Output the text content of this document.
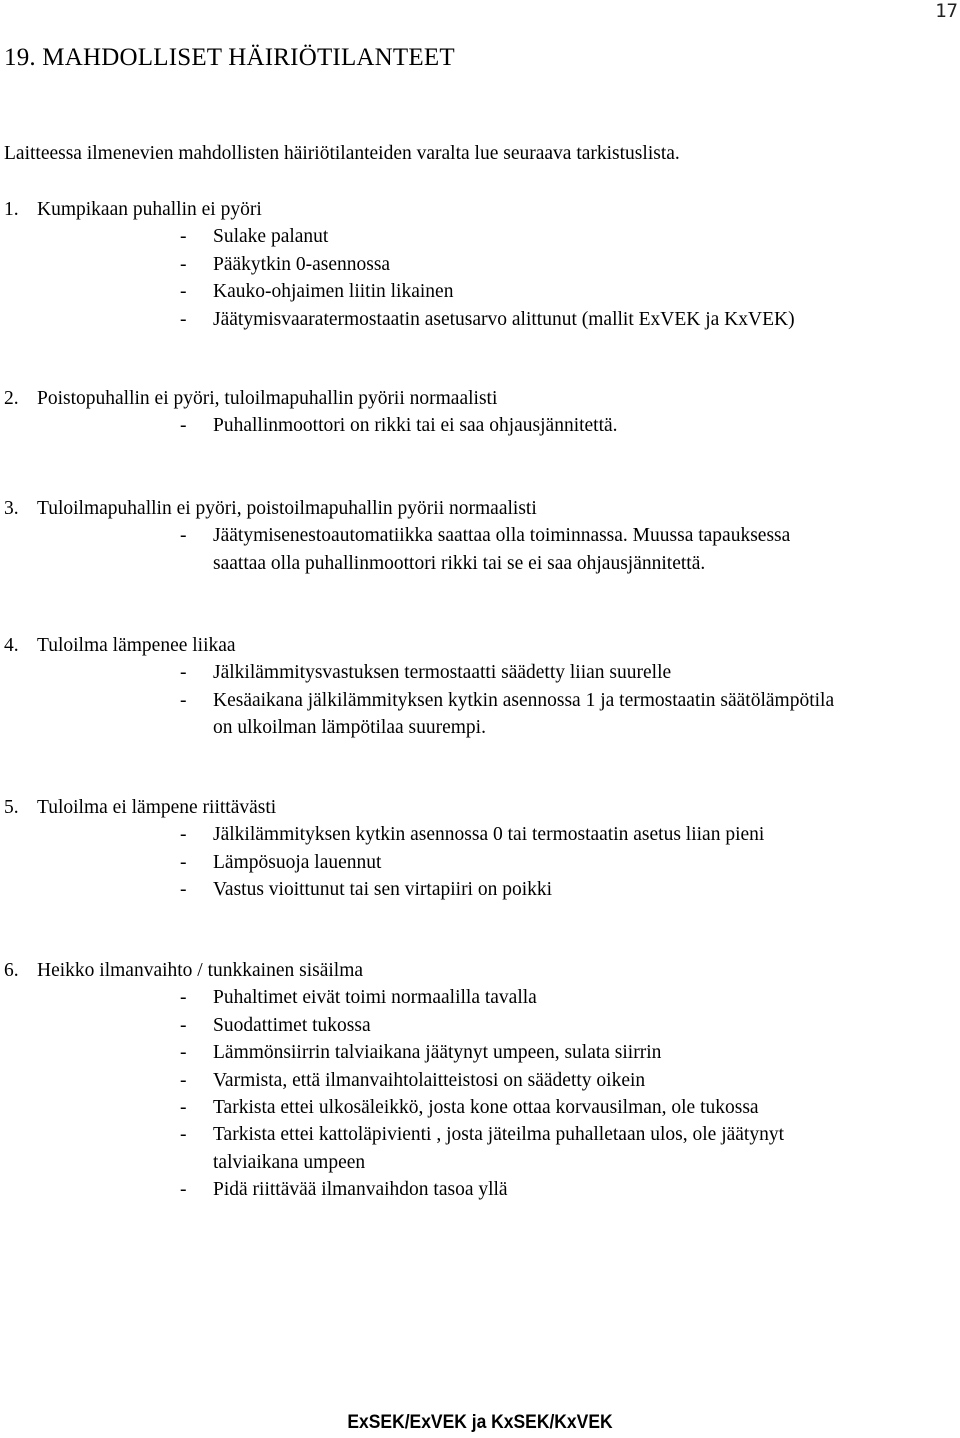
17
19. MAHDOLLISET HÄIRIÖTILANTEET
Laitteessa ilmenevien mahdollisten häiriötilanteiden varalta lue seuraava tarkistuslista.
1. Kumpikaan puhallin ei pyöri
-	Sulake palanut
-	Pääkytkin 0-asennossa
-	Kauko-ohjaimen liitin likainen
-	Jäätymisvaaratermostaatin asetusarvo alittunut (mallit ExVEK ja KxVEK)
2. Poistopuhallin ei pyöri, tuloilmapuhallin pyörii normaalisti
-	Puhallinmoottori on rikki tai ei saa ohjausjännitettä.
3. Tuloilmapuhallin ei pyöri, poistoilmapuhallin pyörii normaalisti
-	Jäätymisenestoautomatiikka saattaa olla toiminnassa. Muussa tapauksessa
saattaa olla puhallinmoottori rikki tai se ei saa ohjausjännitettä.
4. Tuloilma lämpenee liikaa
-	Jälkilämmitysvastuksen termostaatti säädetty liian suurelle
-	Kesäaikana jälkilämmityksen kytkin asennossa 1 ja termostaatin säätölämpötila
on ulkoilman lämpötilaa suurempi.
5. Tuloilma ei lämpene riittävästi
-	Jälkilämmityksen kytkin asennossa 0 tai termostaatin asetus liian pieni
-	Lämpösuoja lauennut
-	Vastus vioittunut tai sen virtapiiri on poikki
6. Heikko ilmanvaihto / tunkkainen sisäilma
-	Puhaltimet eivät toimi normaalilla tavalla
-	Suodattimet tukossa
-	Lämmönsiirrin talviaikana jäätynyt umpeen, sulata siirrin
-	Varmista, että ilmanvaihtolaitteistosi on säädetty oikein
-	Tarkista ettei ulkosäleikkö, josta kone ottaa korvausilman, ole tukossa
-	Tarkista ettei kattoläpivienti , josta jäteilma puhalletaan ulos, ole jäätynyt
talviaikana umpeen
-	Pidä riittävää ilmanvaihdon tasoa yllä
ExSEK/ExVEK ja KxSEK/KxVEK
